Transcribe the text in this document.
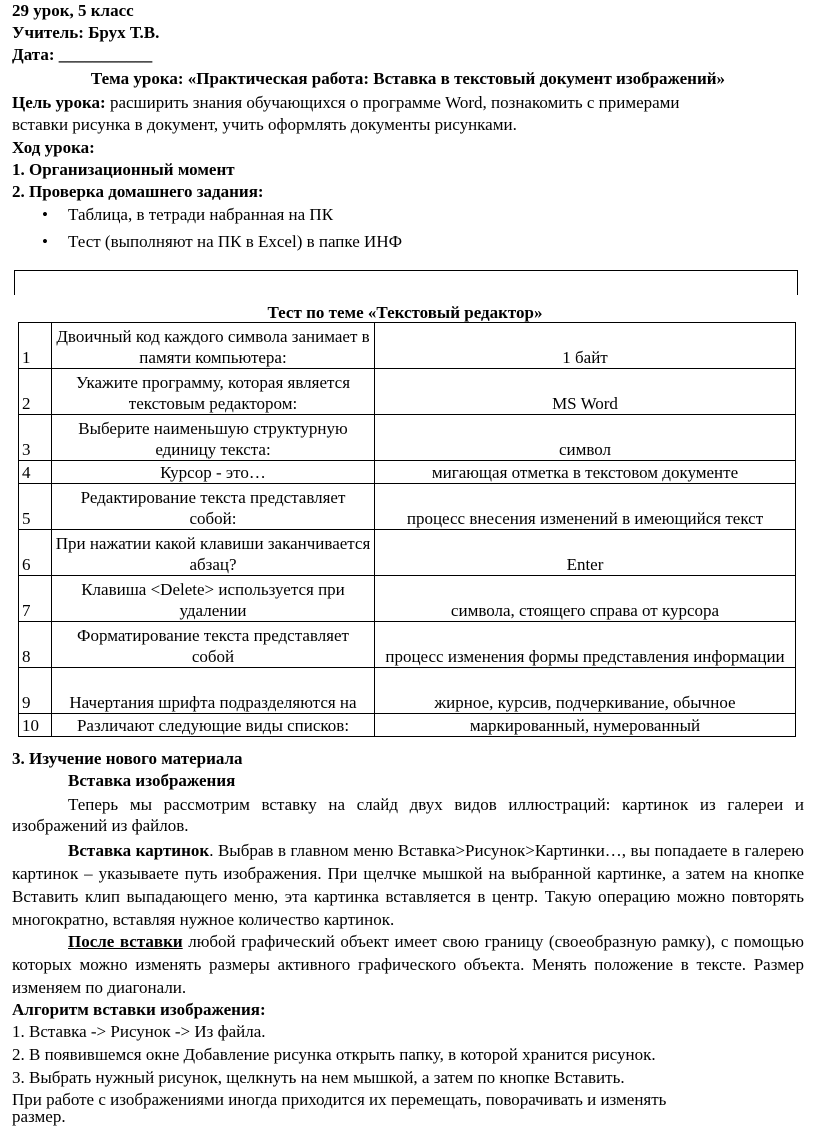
29 урок, 5 класс
Учитель: Брух Т.В.
Дата: ___________
Тема урока: «Практическая работа: Вставка в текстовый документ изображений»
Цель урока: расширить знания обучающихся о программе Word, познакомить с примерами
вставки рисунка в документ, учить оформлять документы рисунками.
Ход урока:
1. Организационный момент
2. Проверка домашнего задания:
• Таблица, в тетради набранная на ПК
• Тест (выполняют на ПК в Excel) в папке ИНФ
Тест по теме «Текстовый редактор»
1	Двоичный код каждого символа занимает в памяти компьютера:	1 байт
2	Укажите программу, которая является текстовым редактором:	MS Word
3	Выберите наименьшую структурную единицу текста:	символ
4	Курсор - это…	мигающая отметка в текстовом документе
5	Редактирование текста представляет собой:	процесс внесения изменений в имеющийся текст
6	При нажатии какой клавиши заканчивается абзац?	Enter
7	Клавиша <Delete> используется при удалении	символа, стоящего справа от курсора
8	Форматирование текста представляет собой	процесс изменения формы представления информации
9	Начертания шрифта подразделяются на	жирное, курсив, подчеркивание, обычное
10	Различают следующие виды списков:	маркированный, нумерованный
3. Изучение нового материала
Вставка изображения
Теперь мы рассмотрим вставку на слайд двух видов иллюстраций: картинок из галереи и изображений из файлов.
Вставка картинок. Выбрав в главном меню Вставка>Рисунок>Картинки…, вы попадаете в галерею картинок – указываете путь изображения. При щелчке мышкой на выбранной картинке, а затем на кнопке Вставить клип выпадающего меню, эта картинка вставляется в центр. Такую операцию можно повторять многократно, вставляя нужное количество картинок.
После вставки любой графический объект имеет свою границу (своеобразную рамку), с помощью которых можно изменять размеры активного графического объекта. Менять положение в тексте. Размер изменяем по диагонали.
Алгоритм вставки изображения:
1. Вставка -> Рисунок -> Из файла.
2. В появившемся окне Добавление рисунка открыть папку, в которой хранится рисунок.
3. Выбрать нужный рисунок, щелкнуть на нем мышкой, а затем по кнопке Вставить.
При работе с изображениями иногда приходится их перемещать, поворачивать и изменять
размер.
